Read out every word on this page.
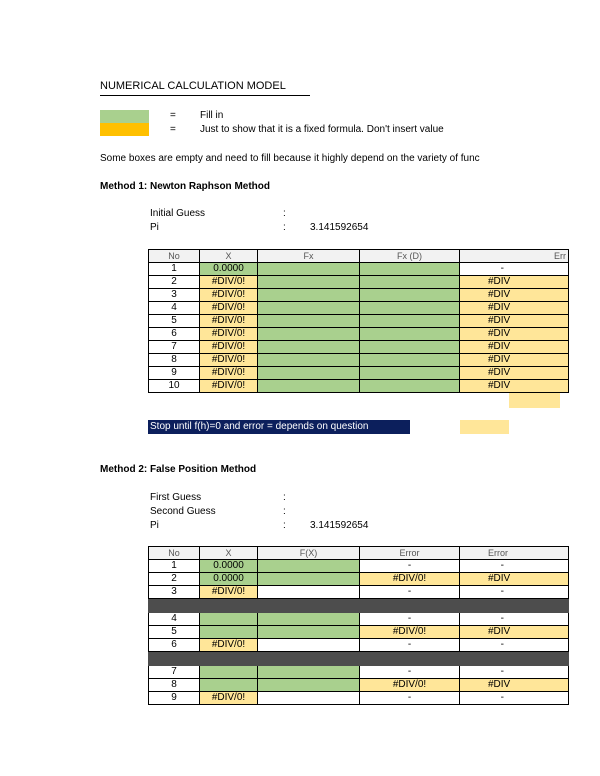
NUMERICAL CALCULATION MODEL
=
=
Fill in
Just to show that it is a fixed formula. Don't insert value
Some boxes are empty and need to fill because it highly depend on the variety of func
Method 1: Newton Raphson Method
Initial Guess	:
Pi	: 3.141592654
No	X	Fx	Fx (D)	Err
1	0.0000			-
2	#DIV/0!			#DIV
3	#DIV/0!			#DIV
4	#DIV/0!			#DIV
5	#DIV/0!			#DIV
6	#DIV/0!			#DIV
7	#DIV/0!			#DIV
8	#DIV/0!			#DIV
9	#DIV/0!			#DIV
10	#DIV/0!			#DIV
Stop until f(h)=0 and error = depends on question
Method 2: False Position Method
First Guess	:
Second Guess	:
Pi	: 3.141592654
No	X	F(X)	Error	Error
1	0.0000		-	-
2	0.0000		#DIV/0!	#DIV
3	#DIV/0!		-	-

4			-	-
5			#DIV/0!	#DIV
6	#DIV/0!		-	-

7			-	-
8			#DIV/0!	#DIV
9	#DIV/0!		-	-
